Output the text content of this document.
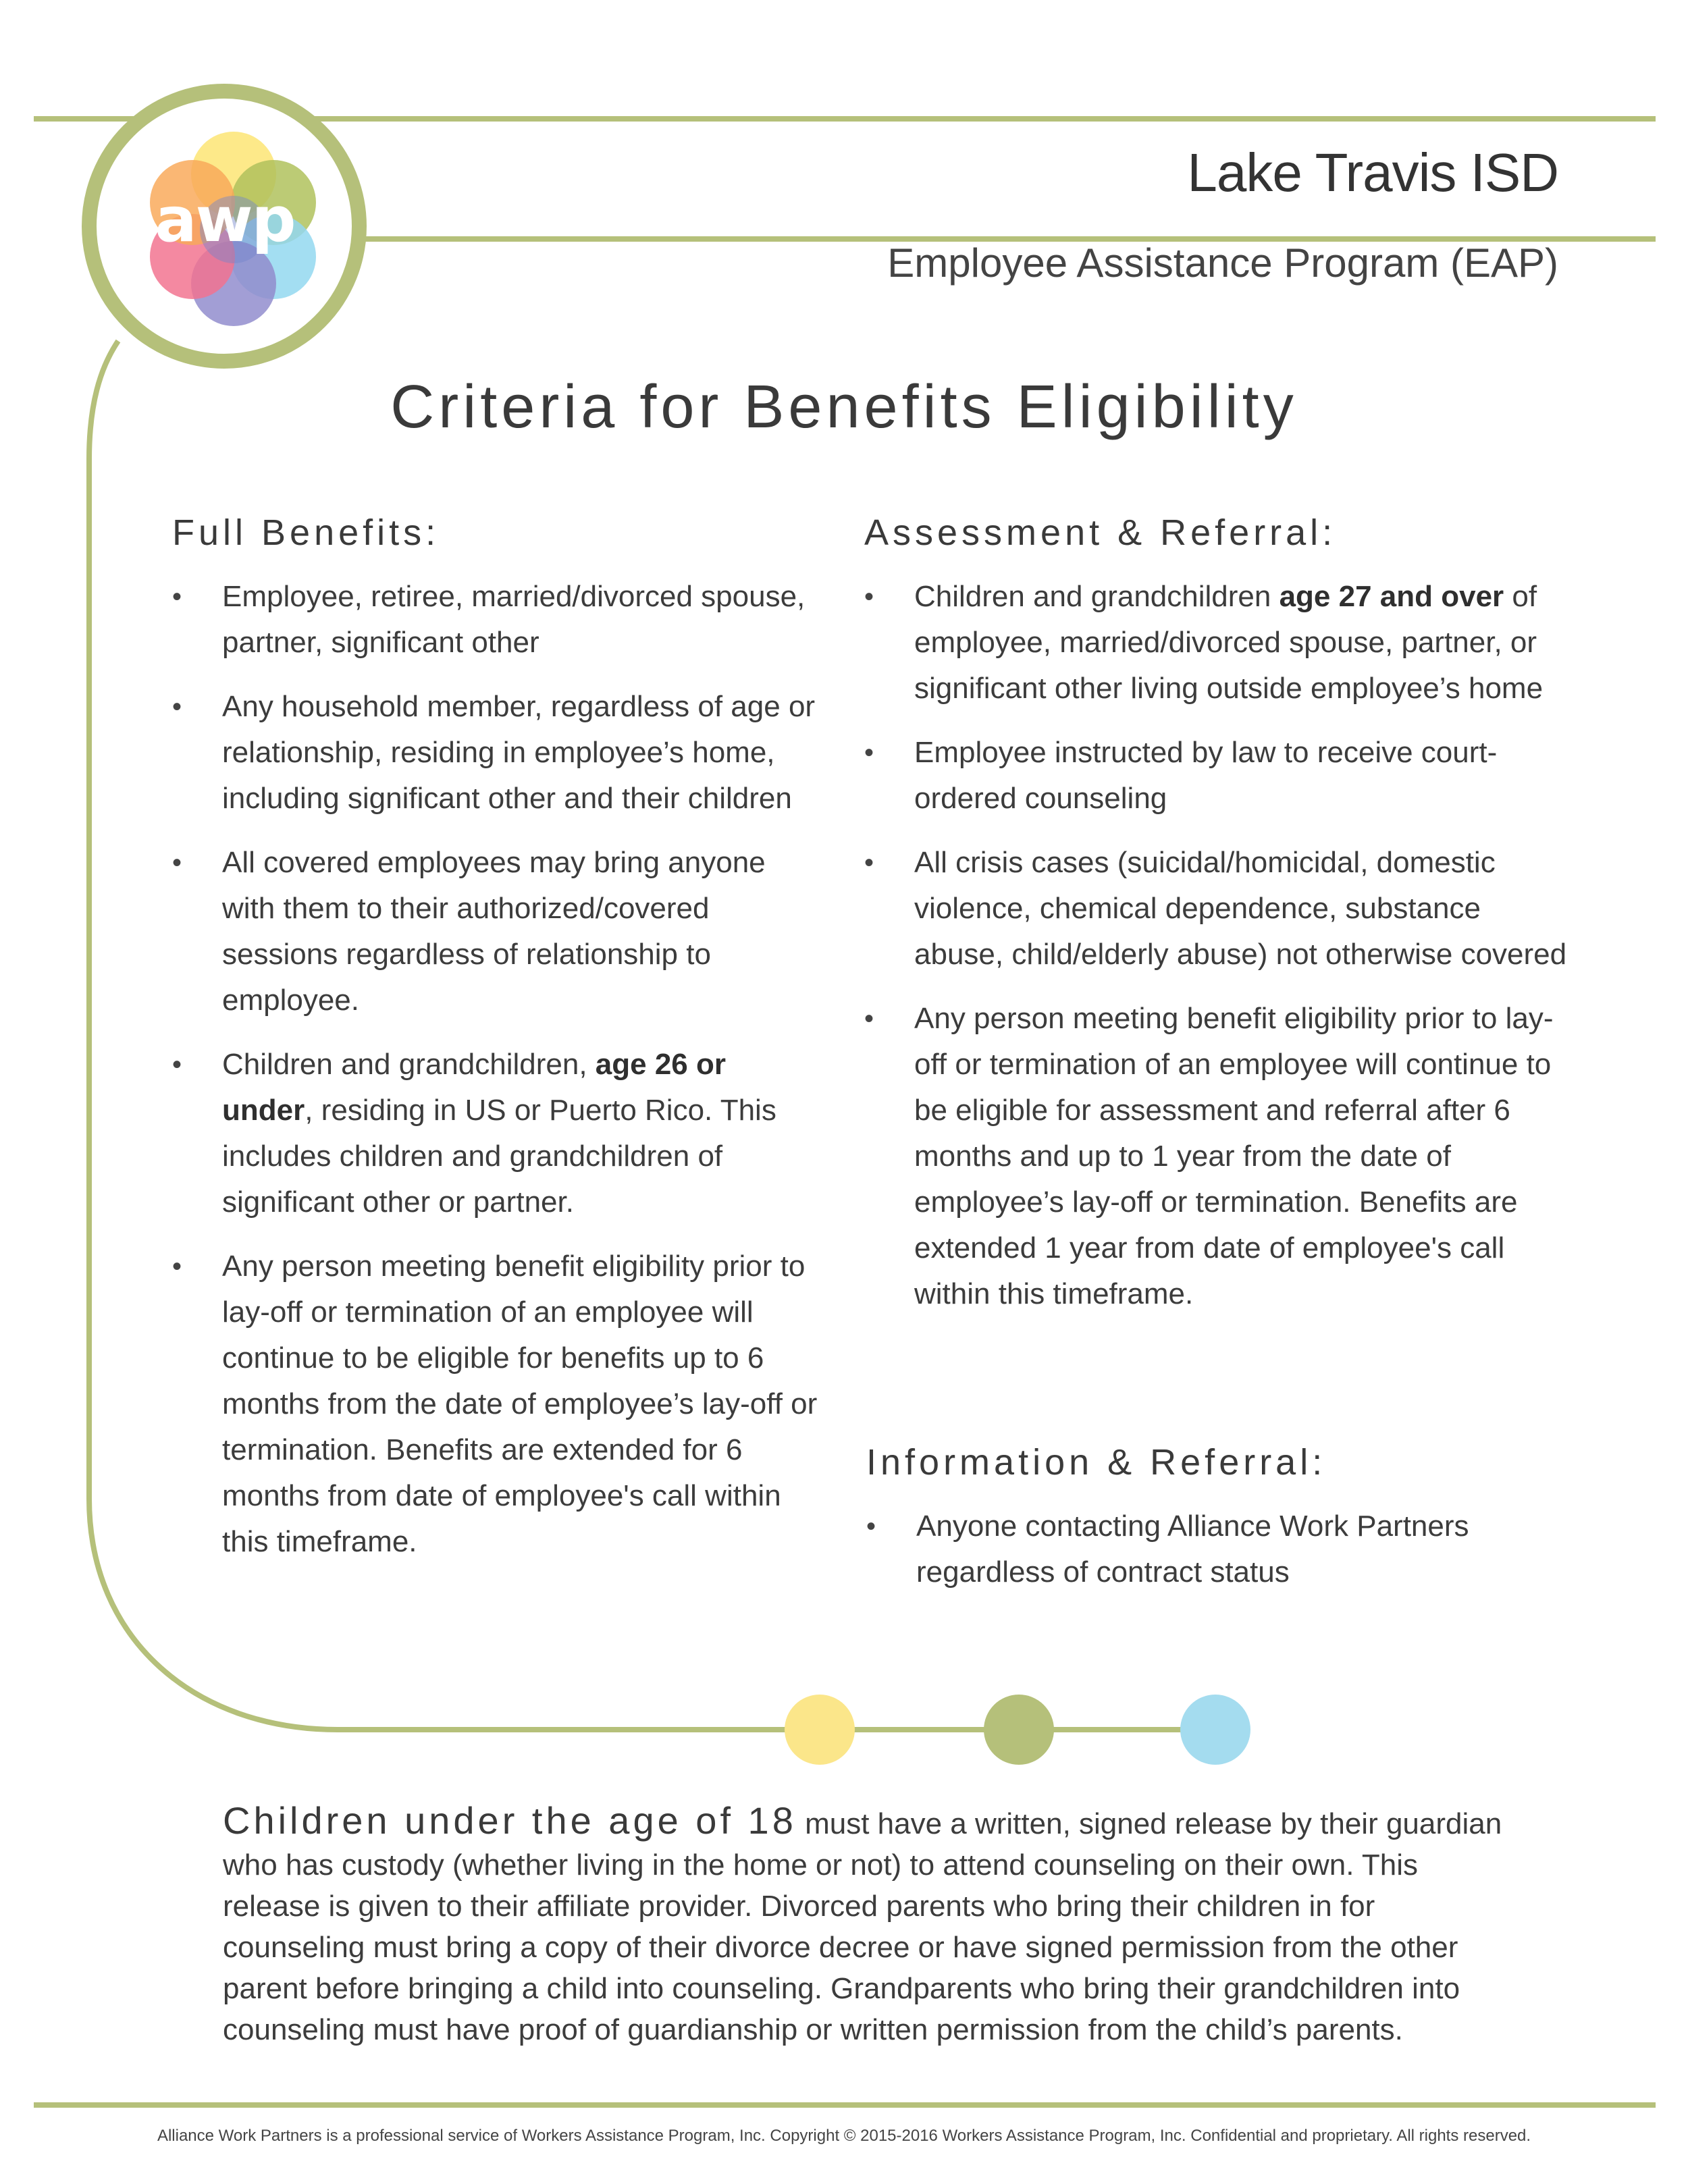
awp
Lake Travis ISD
Employee Assistance Program (EAP)
Criteria for Benefits Eligibility
Full Benefits:
• Employee, retiree, married/divorced spouse, partner, significant other
• Any household member, regardless of age or relationship, residing in employee’s home, including significant other and their children
• All covered employees may bring anyone with them to their authorized/covered sessions regardless of relationship to employee.
• Children and grandchildren, age 26 or under, residing in US or Puerto Rico. This includes children and grandchildren of significant other or partner.
• Any person meeting benefit eligibility prior to lay-off or termination of an employee will continue to be eligible for benefits up to 6 months from the date of employee’s lay-off or termination. Benefits are extended for 6 months from date of employee's call within this timeframe.
Assessment & Referral:
• Children and grandchildren age 27 and over of employee, married/divorced spouse, partner, or significant other living outside employee’s home
• Employee instructed by law to receive court-ordered counseling
• All crisis cases (suicidal/homicidal, domestic violence, chemical dependence, substance abuse, child/elderly abuse) not otherwise covered
• Any person meeting benefit eligibility prior to lay-off or termination of an employee will continue to be eligible for assessment and referral after 6 months and up to 1 year from the date of employee’s lay-off or termination. Benefits are extended 1 year from date of employee's call within this timeframe.
Information & Referral:
• Anyone contacting Alliance Work Partners regardless of contract status
Children under the age of 18 must have a written, signed release by their guardian who has custody (whether living in the home or not) to attend counseling on their own. This release is given to their affiliate provider. Divorced parents who bring their children in for counseling must bring a copy of their divorce decree or have signed permission from the other parent before bringing a child into counseling. Grandparents who bring their grandchildren into counseling must have proof of guardianship or written permission from the child’s parents.
Alliance Work Partners is a professional service of Workers Assistance Program, Inc. Copyright © 2015-2016 Workers Assistance Program, Inc. Confidential and proprietary. All rights reserved.
